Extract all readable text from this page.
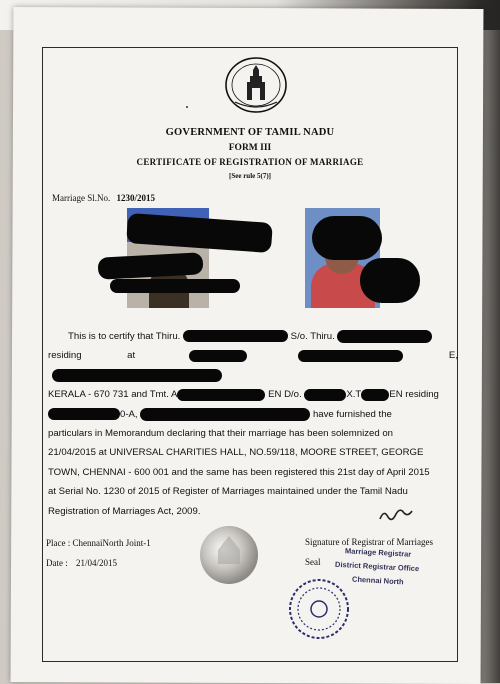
GOVERNMENT OF TAMIL NADU
FORM III
CERTIFICATE OF REGISTRATION OF MARRIAGE
[See rule 5(7)]
Marriage Sl.No. 1230/2015

This is to certify that Thiru.	S/o. Thiru.

residing at	E,
KERALA - 670 731 and Tmt. A	EN D/o.	X.T	EN residing
0-A,	have furnished the
particulars in Memorandum declaring that their marriage has been solemnized on
21/04/2015 at UNIVERSAL CHARITIES HALL, NO.59/118, MOORE STREET, GEORGE
TOWN, CHENNAI - 600 001 and the same has been registered this 21st day of April 2015
at Serial No. 1230 of 2015 of Register of Marriages maintained under the Tamil Nadu
Registration of Marriages Act, 2009.
Place : ChennaiNorth Joint-1
Date : 21/04/2015
Signature of Registrar of Marriages
Seal
Marriage Registrar
District Registrar Office
Chennai North
